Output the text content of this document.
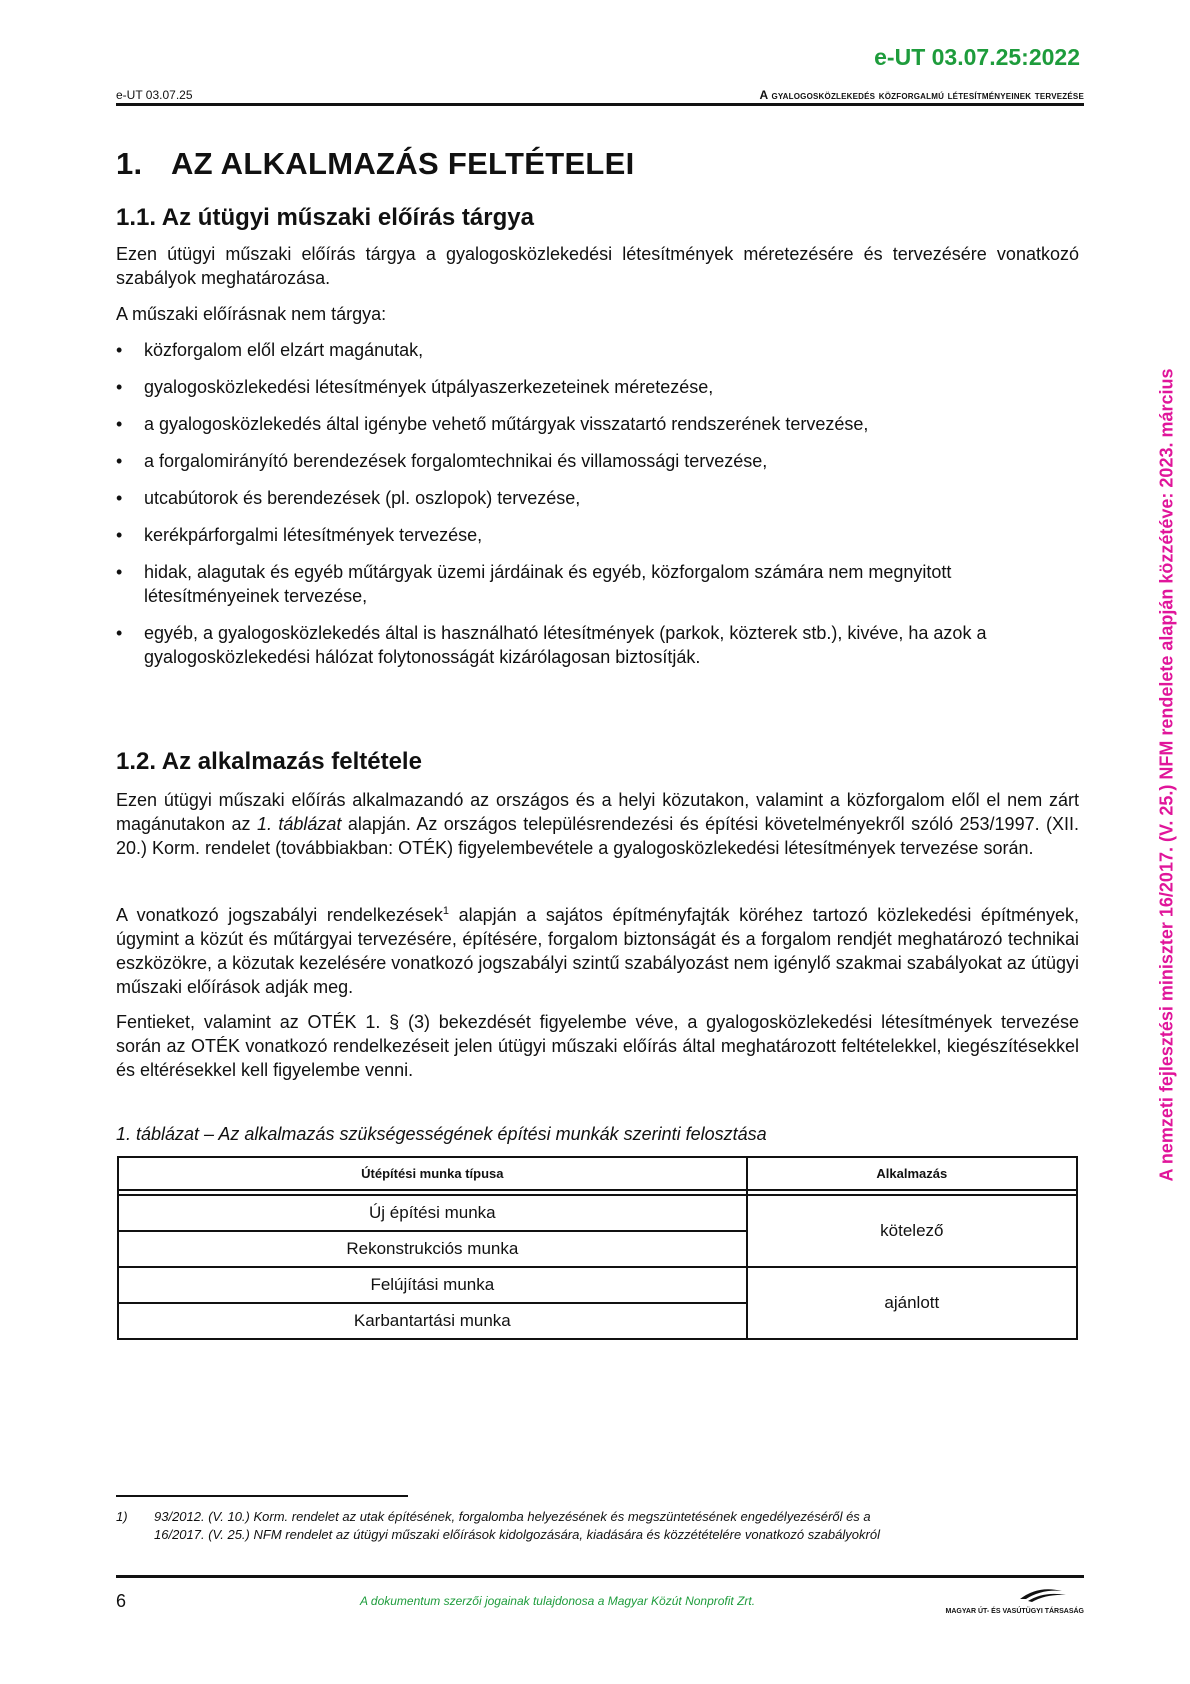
e-UT 03.07.25:2022
e-UT 03.07.25	A gyalogosközlekedés közforgalmú létesítményeinek tervezése
1. AZ ALKALMAZÁS FELTÉTELEI
1.1. Az útügyi műszaki előírás tárgya
Ezen útügyi műszaki előírás tárgya a gyalogosközlekedési létesítmények méretezésére és tervezésére vonatkozó szabályok meghatározása.
A műszaki előírásnak nem tárgya:
• közforgalom elől elzárt magánutak,
• gyalogosközlekedési létesítmények útpályaszerkezeteinek méretezése,
• a gyalogosközlekedés által igénybe vehető műtárgyak visszatartó rendszerének tervezése,
• a forgalomirányító berendezések forgalomtechnikai és villamossági tervezése,
• utcabútorok és berendezések (pl. oszlopok) tervezése,
• kerékpárforgalmi létesítmények tervezése,
• hidak, alagutak és egyéb műtárgyak üzemi járdáinak és egyéb, közforgalom számára nem megnyitott létesítményeinek tervezése,
• egyéb, a gyalogosközlekedés által is használható létesítmények (parkok, közterek stb.), kivéve, ha azok a gyalogosközlekedési hálózat folytonosságát kizárólagosan biztosítják.
1.2. Az alkalmazás feltétele
Ezen útügyi műszaki előírás alkalmazandó az országos és a helyi közutakon, valamint a közforgalom elől el nem zárt magánutakon az 1. táblázat alapján. Az országos településrendezési és építési követelményekről szóló 253/1997. (XII. 20.) Korm. rendelet (továbbiakban: OTÉK) figyelembevétele a gyalogosközlekedési létesítmények tervezése során.
A vonatkozó jogszabályi rendelkezések$^1$ alapján a sajátos építményfajták köréhez tartozó közlekedési építmények, úgymint a közút és műtárgyai tervezésére, építésére, forgalom biztonságát és a forgalom rendjét meghatározó technikai eszközökre, a közutak kezelésére vonatkozó jogszabályi szintű szabályozást nem igénylő szakmai szabályokat az útügyi műszaki előírások adják meg.
Fentieket, valamint az OTÉK 1. § (3) bekezdését figyelembe véve, a gyalogosközlekedési létesítmények tervezése során az OTÉK vonatkozó rendelkezéseit jelen útügyi műszaki előírás által meghatározott feltételekkel, kiegészítésekkel és eltérésekkel kell figyelembe venni.
1. táblázat – Az alkalmazás szükségességének építési munkák szerinti felosztása
Útépítési munka típusa	Alkalmazás

Új építési munka	kötelező
Rekonstrukciós munka	
Felújítási munka	ajánlott
Karbantartási munka	
1) 93/2012. (V. 10.) Korm. rendelet az utak építésének, forgalomba helyezésének és megszüntetésének engedélyezéséről és a
16/2017. (V. 25.) NFM rendelet az útügyi műszaki előírások kidolgozására, kiadására és közzétételére vonatkozó szabályokról
6	A dokumentum szerzői jogainak tulajdonosa a Magyar Közút Nonprofit Zrt.
MAGYAR ÚT- ÉS VASÚTÜGYI TÁRSASÁG
A nemzeti fejlesztési miniszter 16/2017. (V. 25.) NFM rendelete alapján közzétéve: 2023. március
